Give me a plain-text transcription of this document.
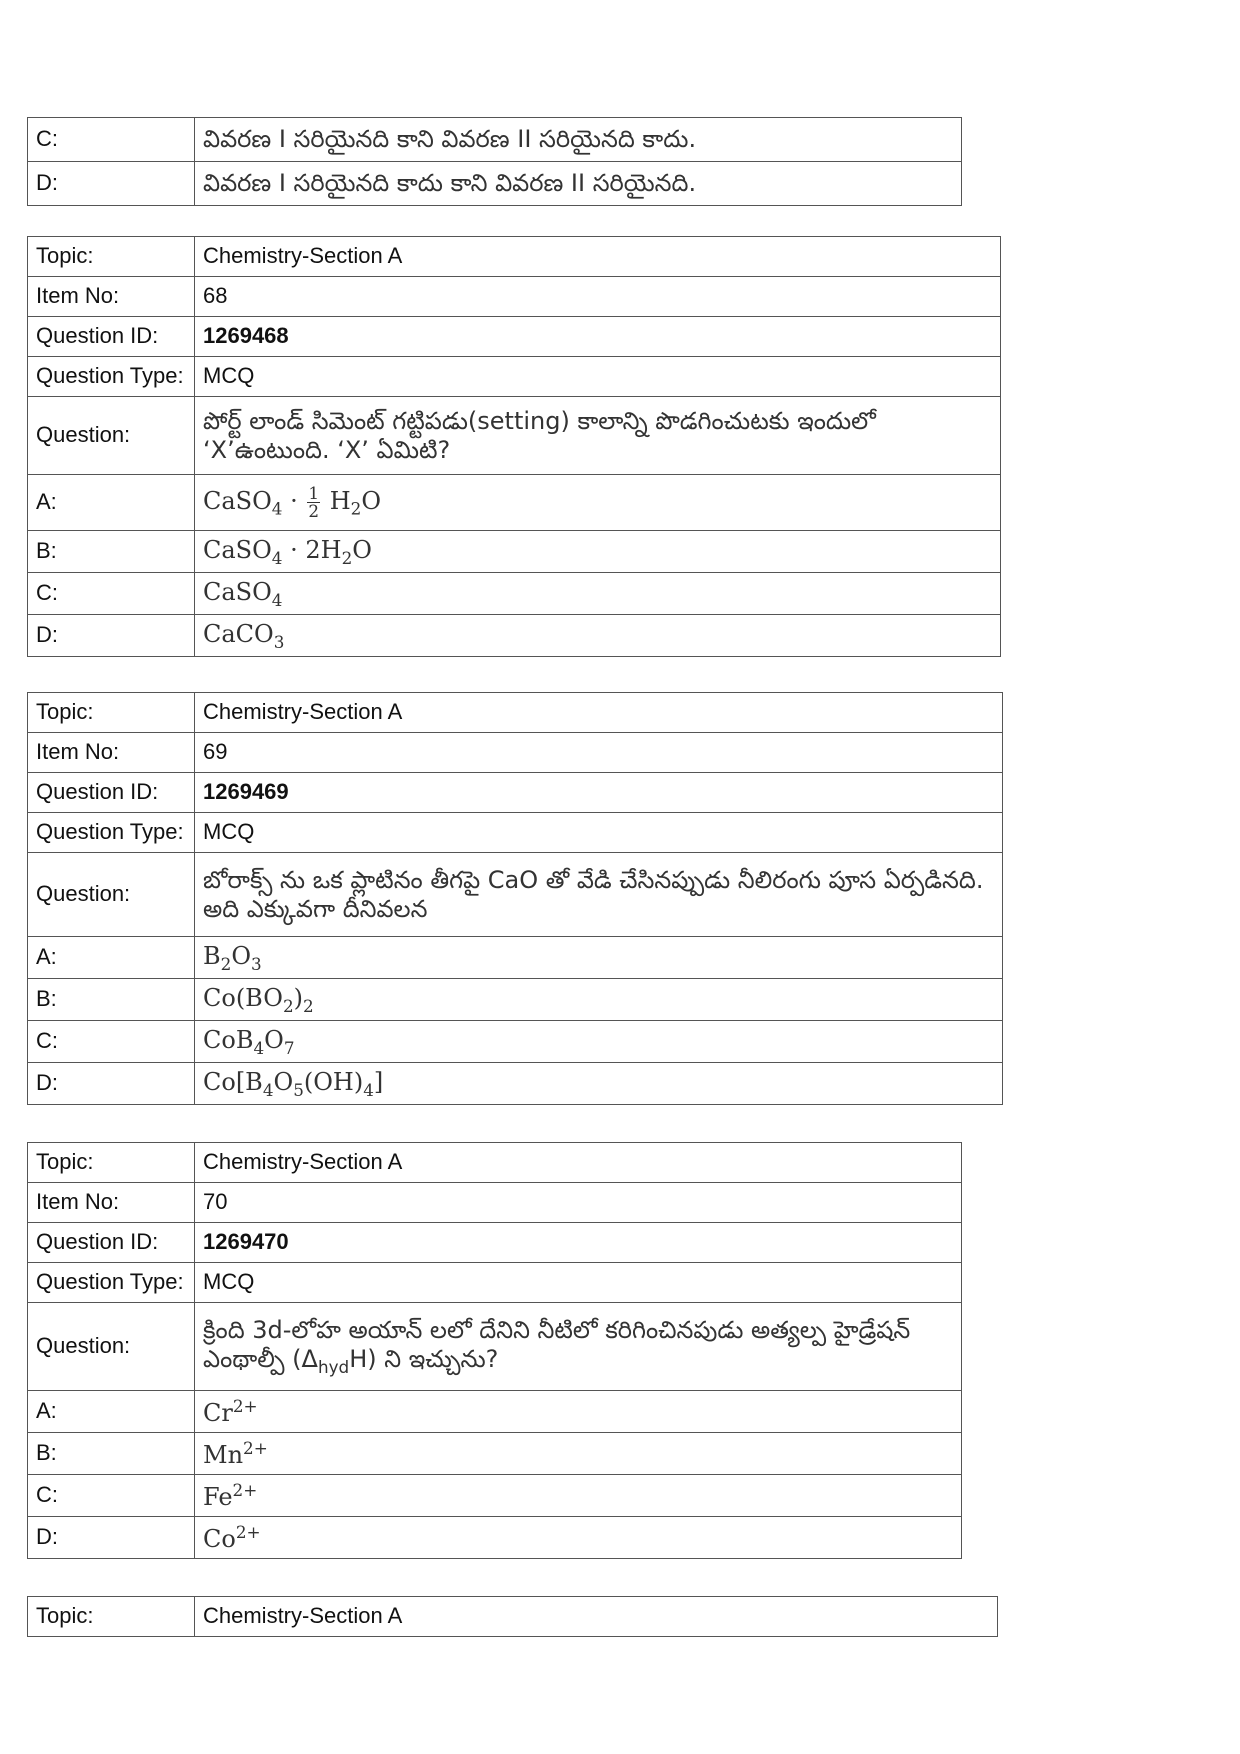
C:	వివరణ I సరియైనది కాని వివరణ II సరియైనది కాదు.
D:	వివరణ I సరియైనది కాదు కాని వివరణ II సరియైనది.
Topic:	Chemistry-Section A
Item No:	68
Question ID:	1269468
Question Type:	MCQ
Question:	పోర్ట్ లాండ్ సిమెంట్ గట్టిపడు(setting) కాలాన్ని పొడగించుటకు ఇందులో ‘X’ఉంటుంది. ‘X’ ఏమిటి?
A:	CaSO$_4$ · $\frac{1}{2} H_2O$
B:	CaSO$_4$ · $2H_2O$
C:	CaSO$_4$
D:	CaCO$_3$
Topic:	Chemistry-Section A
Item No:	69
Question ID:	1269469
Question Type:	MCQ
Question:	బోరాక్స్ ను ఒక ప్లాటినం తీగపై CaO తో వేడి చేసినప్పుడు నీలిరంగు పూస ఏర్పడినది. అది ఎక్కువగా దీనివలన
A:	$B_2O_3$
B:	$Co(BO_2)_2$
C:	$CoB_4O_7$
D:	$Co[B_4O_5(OH)_4]$
Topic:	Chemistry-Section A
Item No:	70
Question ID:	1269470
Question Type:	MCQ
Question:	క్రింది 3d-లోహ అయాన్ లలో దేనిని నీటిలో కరిగించినపుడు అత్యల్ప హైడ్రేషన్ ఎంథాల్పీ $(\Delta_{hyd}H)$ ని ఇచ్చును?
A:	$Cr^{2+}$
B:	$Mn^{2+}$
C:	$Fe^{2+}$
D:	$Co^{2+}$
Topic:	Chemistry-Section A
